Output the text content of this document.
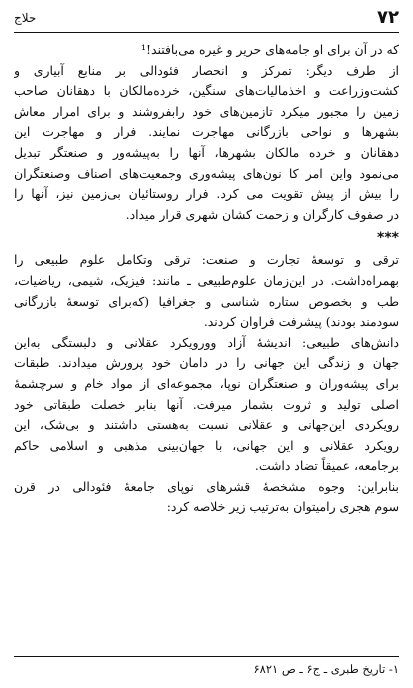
۷۲
حلاج

که در آن برای او جامه‌های حریر و غیره می‌بافتند!¹

از طرف دیگر: تمرکز و انحصار فئودالی بر منابع آبیاری و
کشت‌وزراعت و اخذمالیات‌های سنگین، خرده‌مالکان با دهقانان صاحب
زمین را مجبور میکرد تازمین‌های خود رابفروشند و برای امرار معاش
بشهرها و نواحی بازرگانی مهاجرت نمایند. فرار و مهاجرت این
دهقانان و خرده مالکان بشهرها، آنها را به‌پیشه‌ور و صنعتگر تبدیل
می‌نمود واین امر کا نون‌های پیشه‌وری وجمعیت‌های اصناف وصنعتگران
را بیش از پیش تقویت می کرد. فرار روستائیان بی‌زمین نیز، آنها را
در صفوف کارگران و زحمت کشان شهری قرار میداد.

***

ترقی و توسعهٔ تجارت و صنعت: ترقی وتکامل علوم طبیعی را
بهمراه‌داشت. در این‌زمان علوم‌طبیعی ـ مانند: فیزیک، شیمی، ریاضیات،
طب و بخصوص ستاره شناسی و جغرافیا (که‌برای توسعهٔ بازرگانی
سودمند بودند) پیشرفت فراوان کردند.

دانش‌های طبیعی: اندیشهٔ آزاد وورویکرد عقلانی و دلبستگی به‌این
جهان و زندگی این جهانی را در دامان خود پرورش میدادند. طبقات
برای پیشه‌وران و صنعتگران نوپا، مجموعه‌ای از مواد خام و سرچشمهٔ
اصلی تولید و ثروت بشمار میرفت. آنها بنابر خصلت طبقاتی خود
رویکردی این‌جهانی و عقلانی نسبت به‌هستی داشتند و بی‌شک، این
رویکرد عقلانی و این جهانی، با جهان‌بینی مذهبی و اسلامی حاکم
برجامعه، عمیقاً تضاد داشت.

بنابراین: وجوه مشخصهٔ قشرهای نوپای جامعهٔ فئودالی در قرن
سوم هجری رامیتوان به‌ترتیب زیر خلاصه کرد:

۱- تاریخ طبری ـ ج۶ ـ ص ۶۸۲۱
